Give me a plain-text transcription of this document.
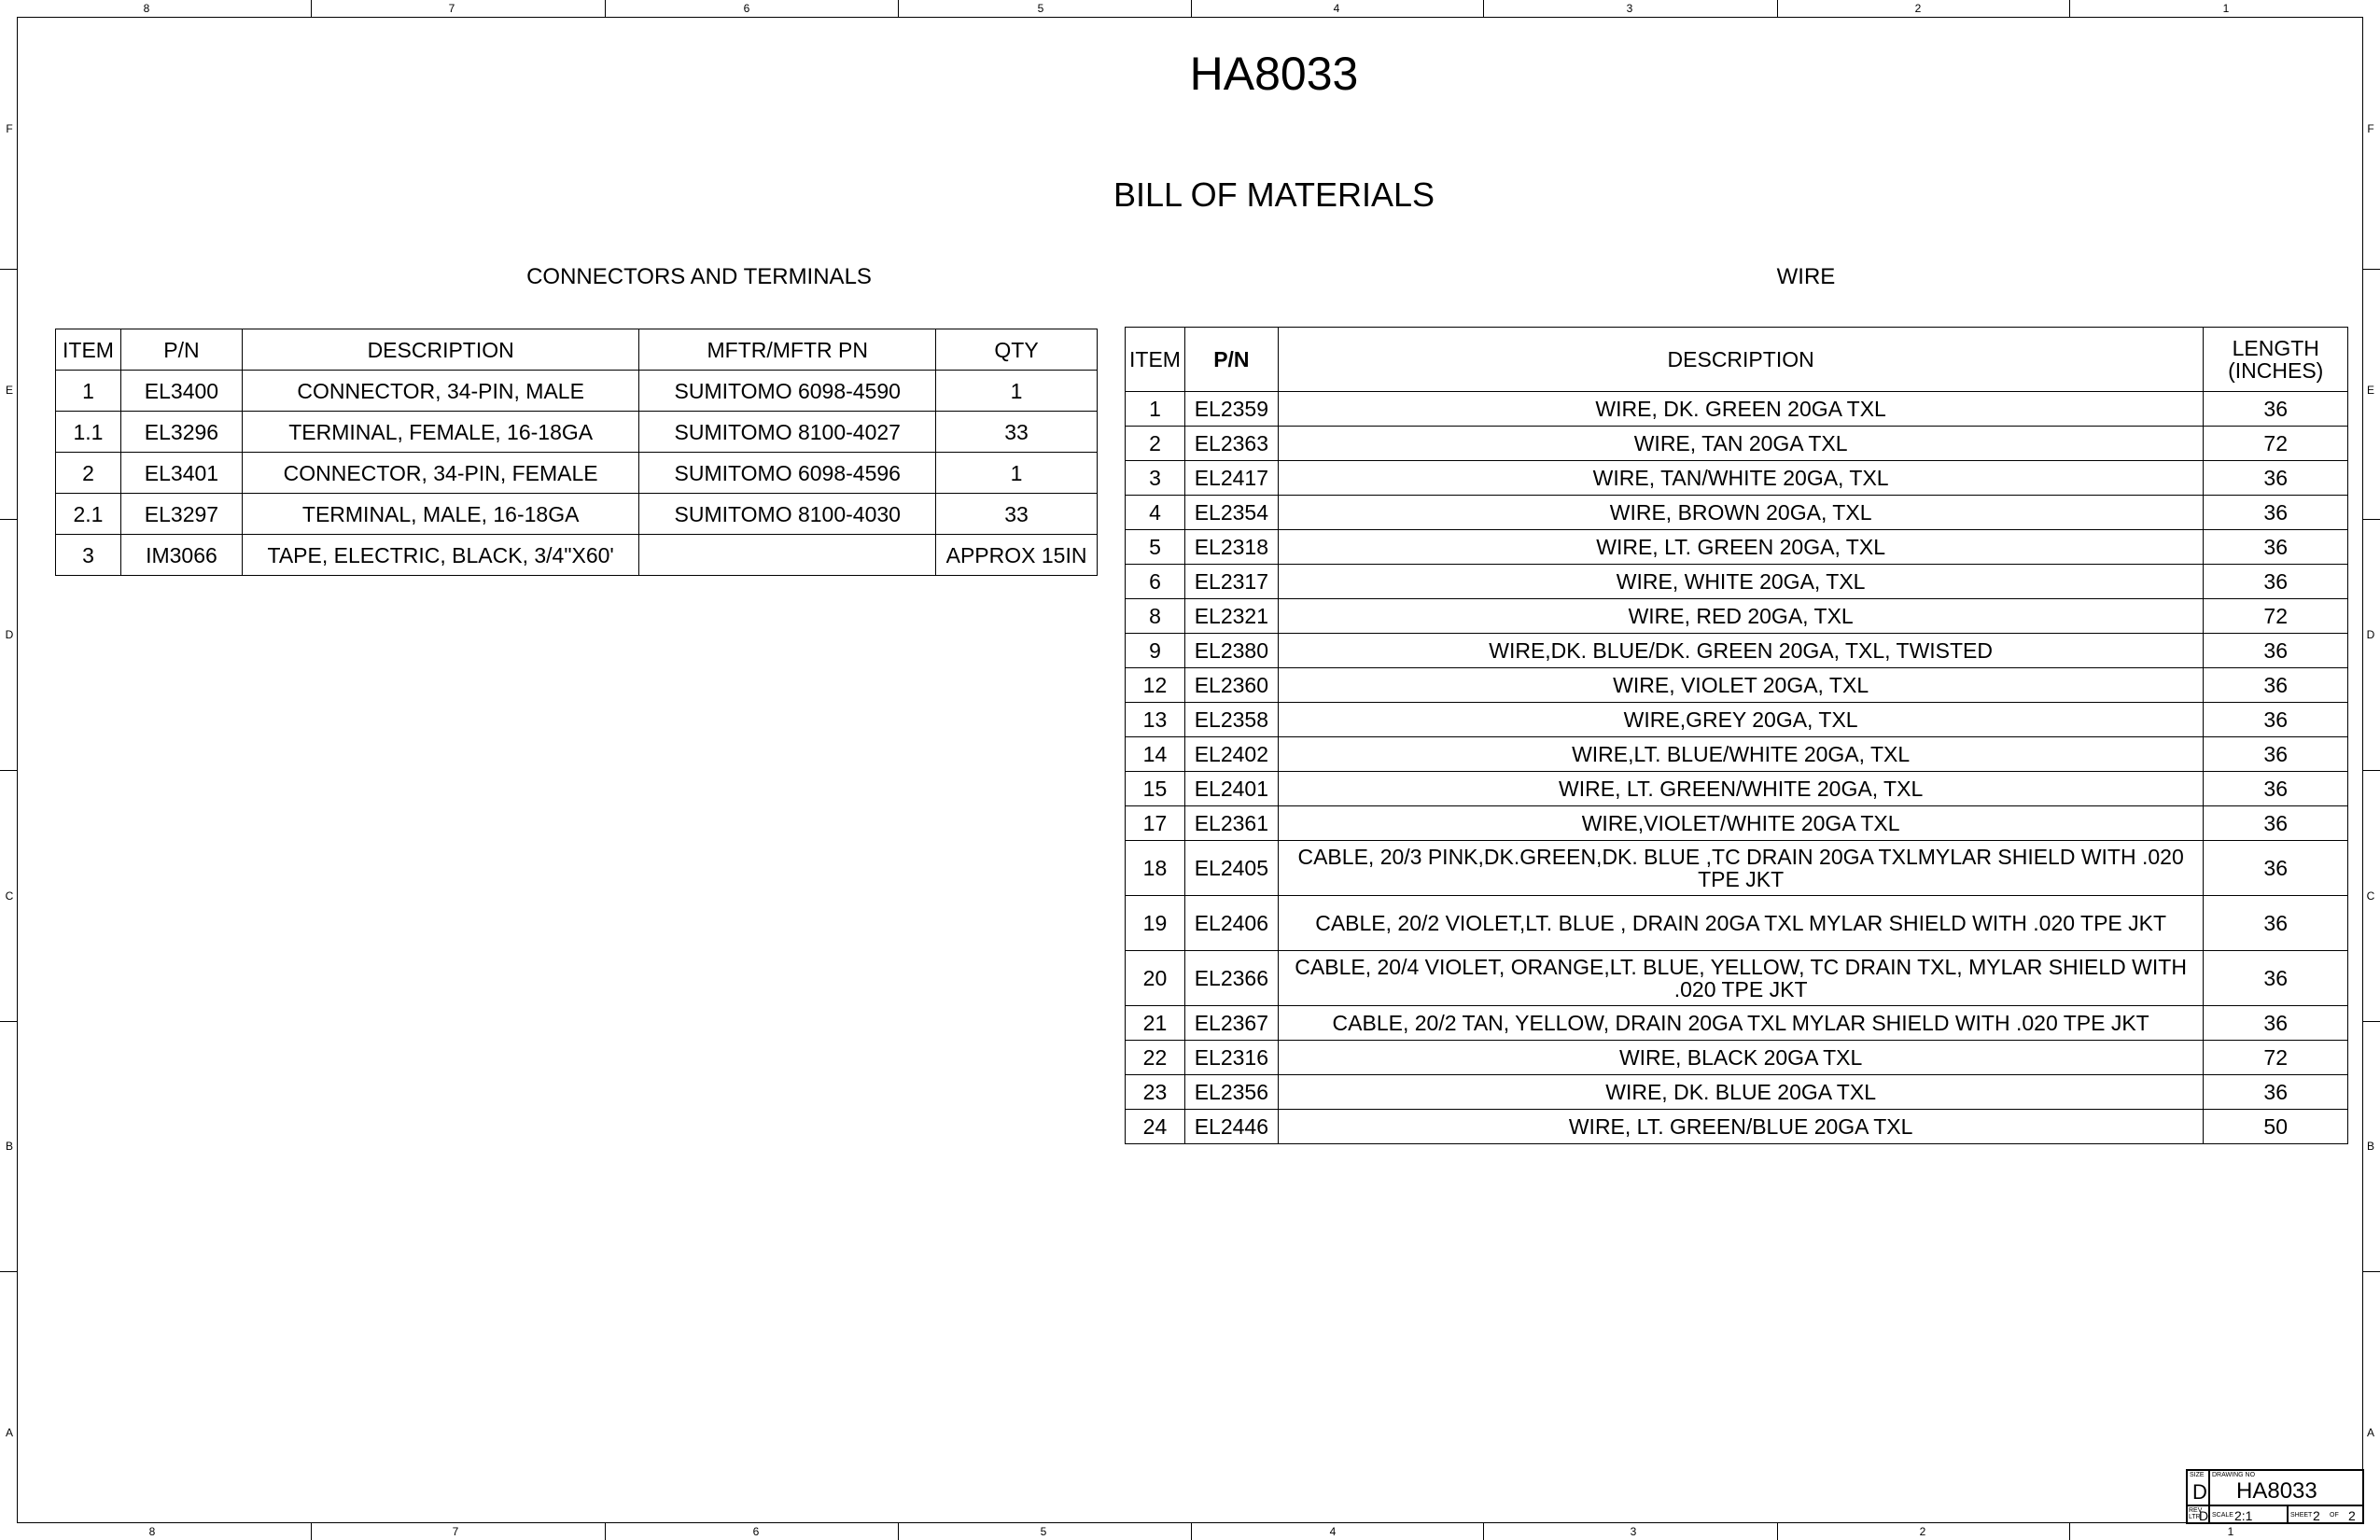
8	7	6	5	4	3	2	1
8	7	6	5	4	3	2	1
F	F
E	E
D	D
C	C
B	B
A	A
HA8033
BILL OF MATERIALS
CONNECTORS AND TERMINALS	WIRE
ITEM	P/N	DESCRIPTION	MFTR/MFTR PN	QTY
1	EL3400	CONNECTOR, 34-PIN, MALE	SUMITOMO 6098-4590	1
1.1	EL3296	TERMINAL, FEMALE, 16-18GA	SUMITOMO 8100-4027	33
2	EL3401	CONNECTOR, 34-PIN, FEMALE	SUMITOMO 6098-4596	1
2.1	EL3297	TERMINAL, MALE, 16-18GA	SUMITOMO 8100-4030	33
3	IM3066	TAPE, ELECTRIC, BLACK, 3/4"X60'		APPROX 15IN
ITEM	P/N	DESCRIPTION	LENGTH
(INCHES)
1	EL2359	WIRE, DK. GREEN 20GA TXL	36
2	EL2363	WIRE, TAN 20GA TXL	72
3	EL2417	WIRE, TAN/WHITE 20GA, TXL	36
4	EL2354	WIRE, BROWN 20GA, TXL	36
5	EL2318	WIRE, LT. GREEN 20GA, TXL	36
6	EL2317	WIRE, WHITE 20GA, TXL	36
8	EL2321	WIRE, RED 20GA, TXL	72
9	EL2380	WIRE,DK. BLUE/DK. GREEN 20GA, TXL, TWISTED	36
12	EL2360	WIRE, VIOLET 20GA, TXL	36
13	EL2358	WIRE,GREY 20GA, TXL	36
14	EL2402	WIRE,LT. BLUE/WHITE 20GA, TXL	36
15	EL2401	WIRE, LT. GREEN/WHITE 20GA, TXL	36
17	EL2361	WIRE,VIOLET/WHITE 20GA TXL	36
18	EL2405	CABLE, 20/3 PINK,DK.GREEN,DK. BLUE ,TC DRAIN 20GA TXLMYLAR SHIELD WITH .020 TPE JKT	36
19	EL2406	CABLE, 20/2 VIOLET,LT. BLUE , DRAIN 20GA TXL MYLAR SHIELD WITH .020 TPE JKT	36
20	EL2366	CABLE, 20/4 VIOLET, ORANGE,LT. BLUE, YELLOW, TC DRAIN TXL, MYLAR SHIELD WITH .020 TPE JKT	36
21	EL2367	CABLE, 20/2 TAN, YELLOW, DRAIN 20GA TXL MYLAR SHIELD WITH .020 TPE JKT	36
22	EL2316	WIRE, BLACK 20GA TXL	72
23	EL2356	WIRE, DK. BLUE 20GA TXL	36
24	EL2446	WIRE, LT. GREEN/BLUE 20GA TXL	50
SIZE
D
DRAWING NO
HA8033
REV LTR
D SCALE 2:1	SHEET 2 OF 2
